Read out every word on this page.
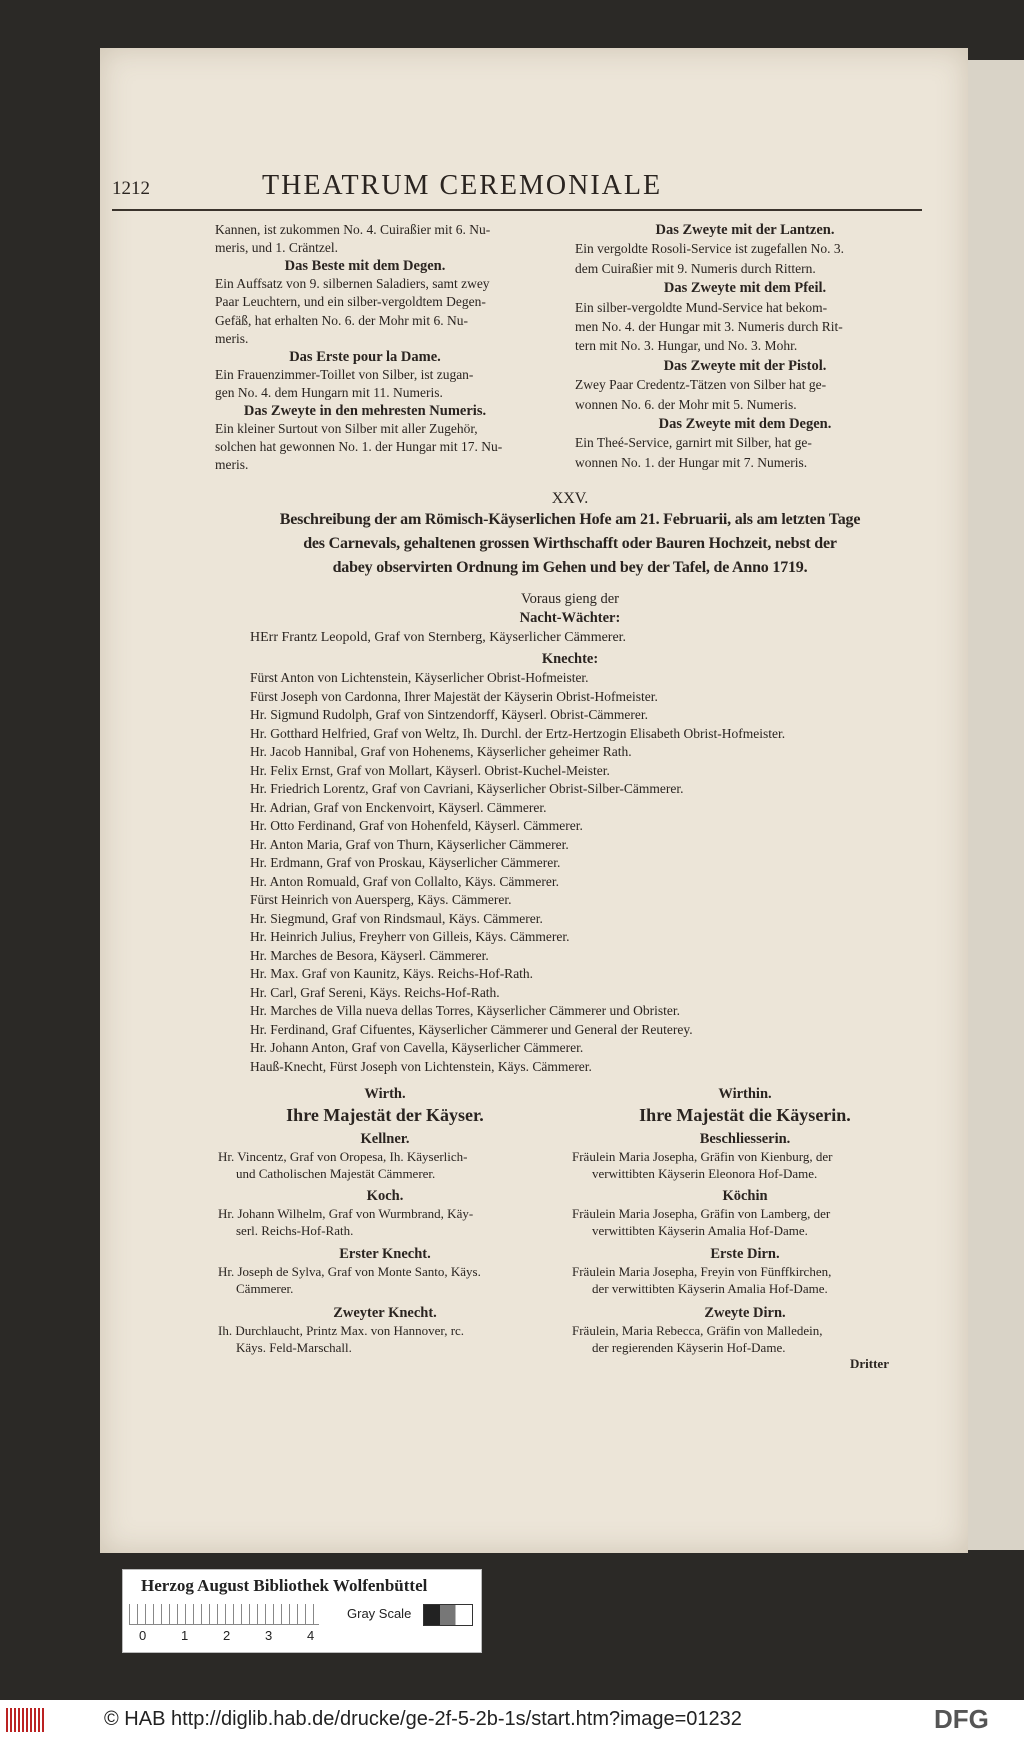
1212	THEATRUM CEREMONIALE
Kannen, ist zukommen No. 4. Cuiraßier mit 6. Nu-
meris, und 1. Cräntzel.
Das Beste mit dem Degen.
Ein Auffsatz von 9. silbernen Saladiers, samt zwey
Paar Leuchtern, und ein silber-vergoldtem Degen-
Gefäß, hat erhalten No. 6. der Mohr mit 6. Nu-
meris.
Das Erste pour la Dame.
Ein Frauenzimmer-Toillet von Silber, ist zugan-
gen No. 4. dem Hungarn mit 11. Numeris.
Das Zweyte in den mehresten Numeris.
Ein kleiner Surtout von Silber mit aller Zugehör,
solchen hat gewonnen No. 1. der Hungar mit 17. Nu-
meris.
Das Zweyte mit der Lantzen.
Ein vergoldte Rosoli-Service ist zugefallen No. 3.
dem Cuiraßier mit 9. Numeris durch Rittern.
Das Zweyte mit dem Pfeil.
Ein silber-vergoldte Mund-Service hat bekom-
men No. 4. der Hungar mit 3. Numeris durch Rit-
tern mit No. 3. Hungar, und No. 3. Mohr.
Das Zweyte mit der Pistol.
Zwey Paar Credentz-Tätzen von Silber hat ge-
wonnen No. 6. der Mohr mit 5. Numeris.
Das Zweyte mit dem Degen.
Ein Theé-Service, garnirt mit Silber, hat ge-
wonnen No. 1. der Hungar mit 7. Numeris.
XXV.
Beschreibung der am Römisch-Käyserlichen Hofe am 21. Februarii, als am letzten Tage
des Carnevals, gehaltenen grossen Wirthschafft oder Bauren Hochzeit, nebst der
dabey observirten Ordnung im Gehen und bey der Tafel, de Anno 1719.
Voraus gieng der
Nacht-Wächter:
HErr Frantz Leopold, Graf von Sternberg, Käyserlicher Cämmerer.
Knechte:
Fürst Anton von Lichtenstein, Käyserlicher Obrist-Hofmeister.
Fürst Joseph von Cardonna, Ihrer Majestät der Käyserin Obrist-Hofmeister.
Hr. Sigmund Rudolph, Graf von Sintzendorff, Käyserl. Obrist-Cämmerer.
Hr. Gotthard Helfried, Graf von Weltz, Ih. Durchl. der Ertz-Hertzogin Elisabeth Obrist-Hofmeister.
Hr. Jacob Hannibal, Graf von Hohenems, Käyserlicher geheimer Rath.
Hr. Felix Ernst, Graf von Mollart, Käyserl. Obrist-Kuchel-Meister.
Hr. Friedrich Lorentz, Graf von Cavriani, Käyserlicher Obrist-Silber-Cämmerer.
Hr. Adrian, Graf von Enckenvoirt, Käyserl. Cämmerer.
Hr. Otto Ferdinand, Graf von Hohenfeld, Käyserl. Cämmerer.
Hr. Anton Maria, Graf von Thurn, Käyserlicher Cämmerer.
Hr. Erdmann, Graf von Proskau, Käyserlicher Cämmerer.
Hr. Anton Romuald, Graf von Collalto, Käys. Cämmerer.
Fürst Heinrich von Auersperg, Käys. Cämmerer.
Hr. Siegmund, Graf von Rindsmaul, Käys. Cämmerer.
Hr. Heinrich Julius, Freyherr von Gilleis, Käys. Cämmerer.
Hr. Marches de Besora, Käyserl. Cämmerer.
Hr. Max. Graf von Kaunitz, Käys. Reichs-Hof-Rath.
Hr. Carl, Graf Sereni, Käys. Reichs-Hof-Rath.
Hr. Marches de Villa nueva dellas Torres, Käyserlicher Cämmerer und Obrister.
Hr. Ferdinand, Graf Cifuentes, Käyserlicher Cämmerer und General der Reuterey.
Hr. Johann Anton, Graf von Cavella, Käyserlicher Cämmerer.
Hauß-Knecht, Fürst Joseph von Lichtenstein, Käys. Cämmerer.
Wirth.
Ihre Majestät der Käyser.
Wirthin.
Ihre Majestät die Käyserin.
Kellner.
Hr. Vincentz, Graf von Oropesa, Ih. Käyserlich-
und Catholischen Majestät Cämmerer.
Koch.
Hr. Johann Wilhelm, Graf von Wurmbrand, Käy-
serl. Reichs-Hof-Rath.
Erster Knecht.
Hr. Joseph de Sylva, Graf von Monte Santo, Käys.
Cämmerer.
Zweyter Knecht.
Ih. Durchlaucht, Printz Max. von Hannover, rc.
Käys. Feld-Marschall.
Beschliesserin.
Fräulein Maria Josepha, Gräfin von Kienburg, der
verwittibten Käyserin Eleonora Hof-Dame.
Köchin
Fräulein Maria Josepha, Gräfin von Lamberg, der
verwittibten Käyserin Amalia Hof-Dame.
Erste Dirn.
Fräulein Maria Josepha, Freyin von Fünffkirchen,
der verwittibten Käyserin Amalia Hof-Dame.
Zweyte Dirn.
Fräulein, Maria Rebecca, Gräfin von Malledein,
der regierenden Käyserin Hof-Dame.
Dritter
Herzog August Bibliothek Wolfenbüttel
0	1	2	3	4
Gray Scale
© HAB http://diglib.hab.de/drucke/ge-2f-5-2b-1s/start.htm?image=01232	DFG
